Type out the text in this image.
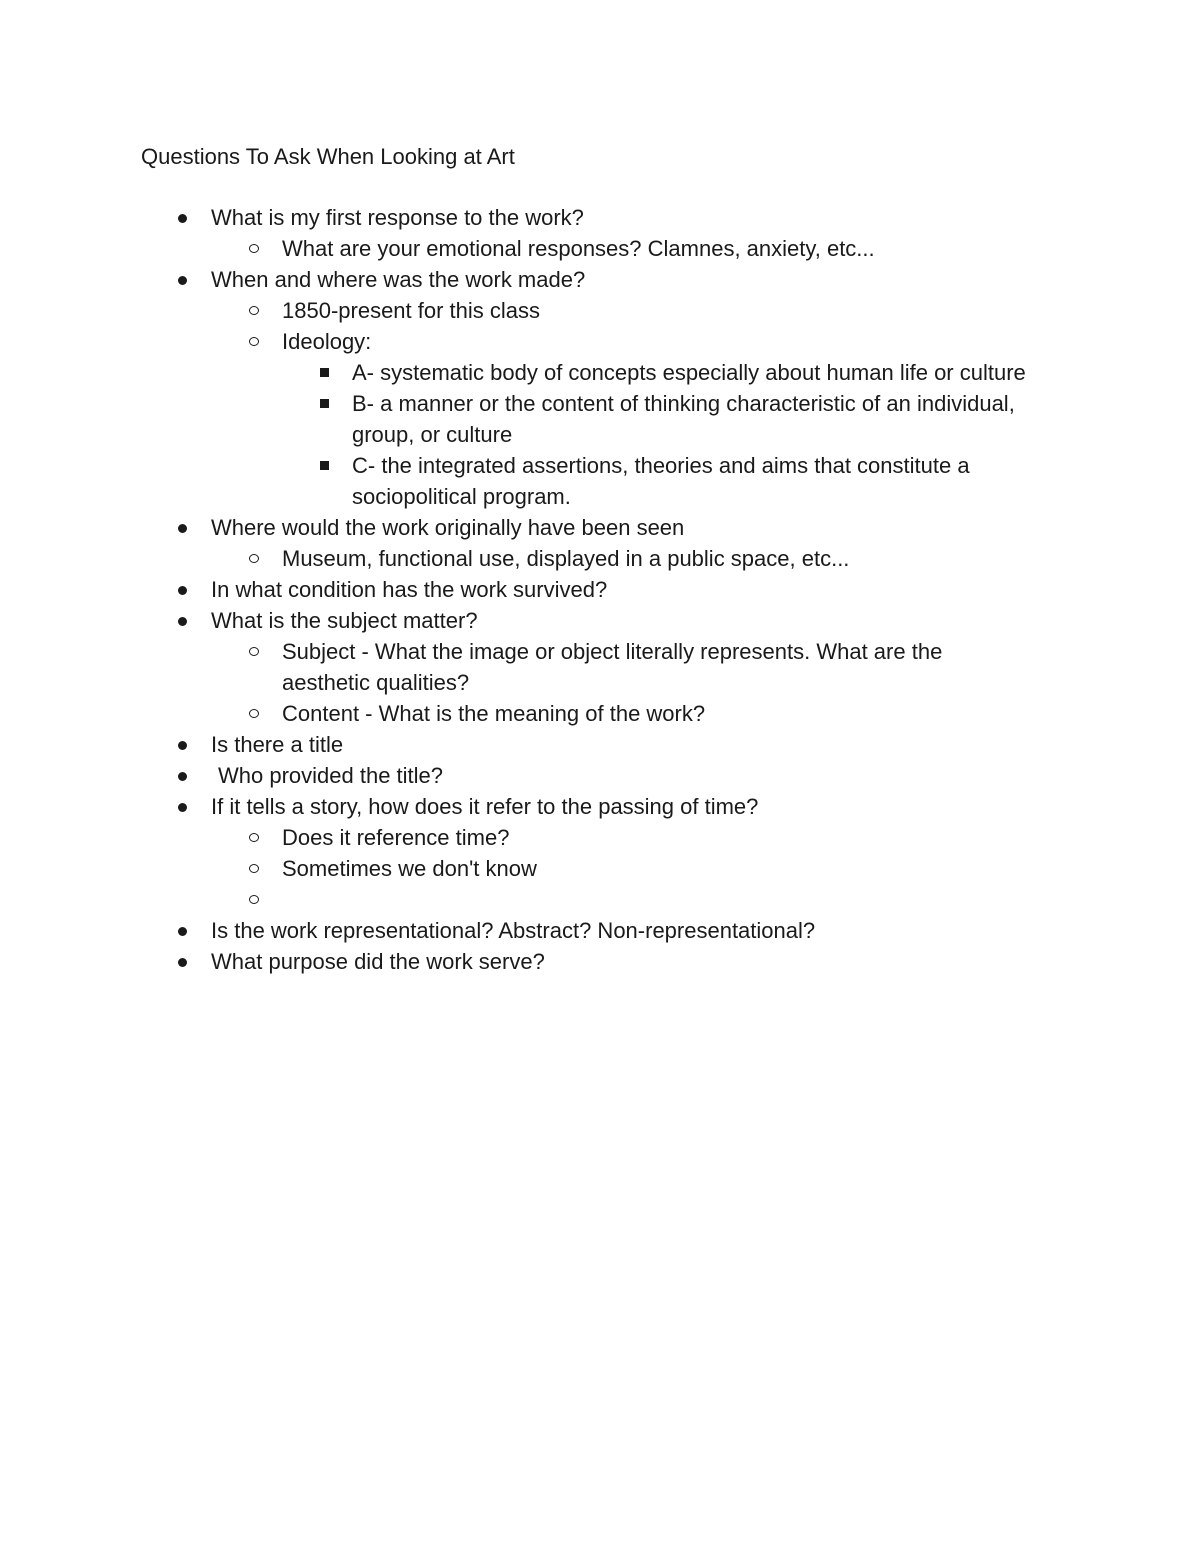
Questions To Ask When Looking at Art
What is my first response to the work?
What are your emotional responses? Clamnes, anxiety, etc...
When and where was the work made?
1850-present for this class
Ideology:
A- systematic body of concepts especially about human life or culture
B- a manner or the content of thinking characteristic of an individual, group, or culture
C- the integrated assertions, theories and aims that constitute a sociopolitical program.
Where would the work originally have been seen
Museum, functional use, displayed in a public space, etc...
In what condition has the work survived?
What is the subject matter?
Subject - What the image or object literally represents. What are the aesthetic qualities?
Content - What is the meaning of the work?
Is there a title
Who provided the title?
If it tells a story, how does it refer to the passing of time?
Does it reference time?
Sometimes we don't know
Is the work representational? Abstract? Non-representational?
What purpose did the work serve?
